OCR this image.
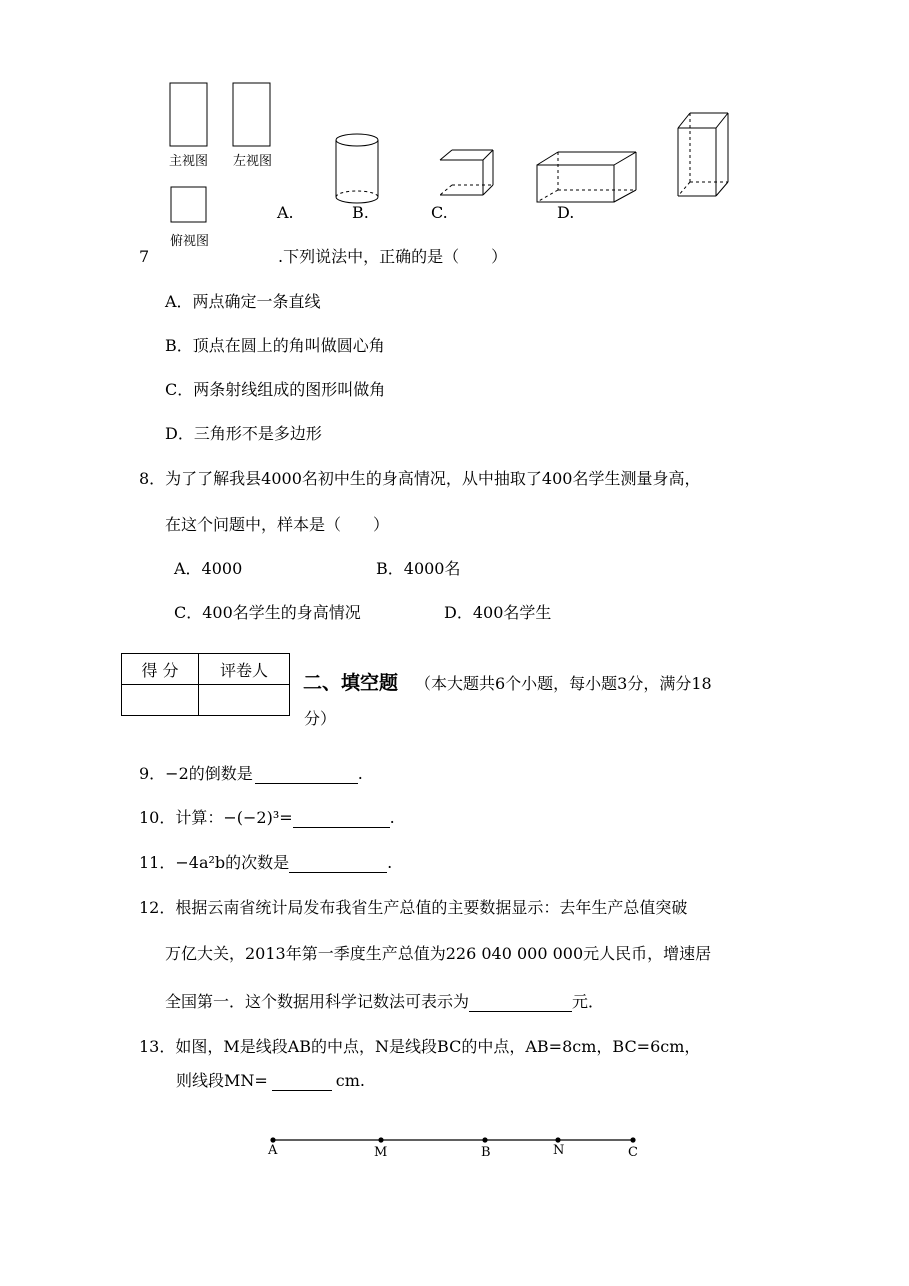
主视图 左视图
俯视图
A.	B.	C.	D.
7	.下列说法中，正确的是（　　）
A．两点确定一条直线
B．顶点在圆上的角叫做圆心角
C．两条射线组成的图形叫做角
D．三角形不是多边形
8．为了了解我县4000名初中生的身高情况，从中抽取了400名学生测量身高，
在这个问题中，样本是（　　）
A．4000	B．4000名
C．400名学生的身高情况	D．400名学生
得 分	评卷人

二、填空题 （本大题共6个小题，每小题3分，满分18
分）
9．−2的倒数是	.
10．计算：−(−2)³=	.
11．−4a²b的次数是	.
12．根据云南省统计局发布我省生产总值的主要数据显示：去年生产总值突破
万亿大关，2013年第一季度生产总值为226 040 000 000元人民币，增速居
全国第一．这个数据用科学记数法可表示为	元．
13．如图，M是线段AB的中点，N是线段BC的中点，AB=8cm，BC=6cm，
则线段MN=	cm.
A	M	B	N	C
